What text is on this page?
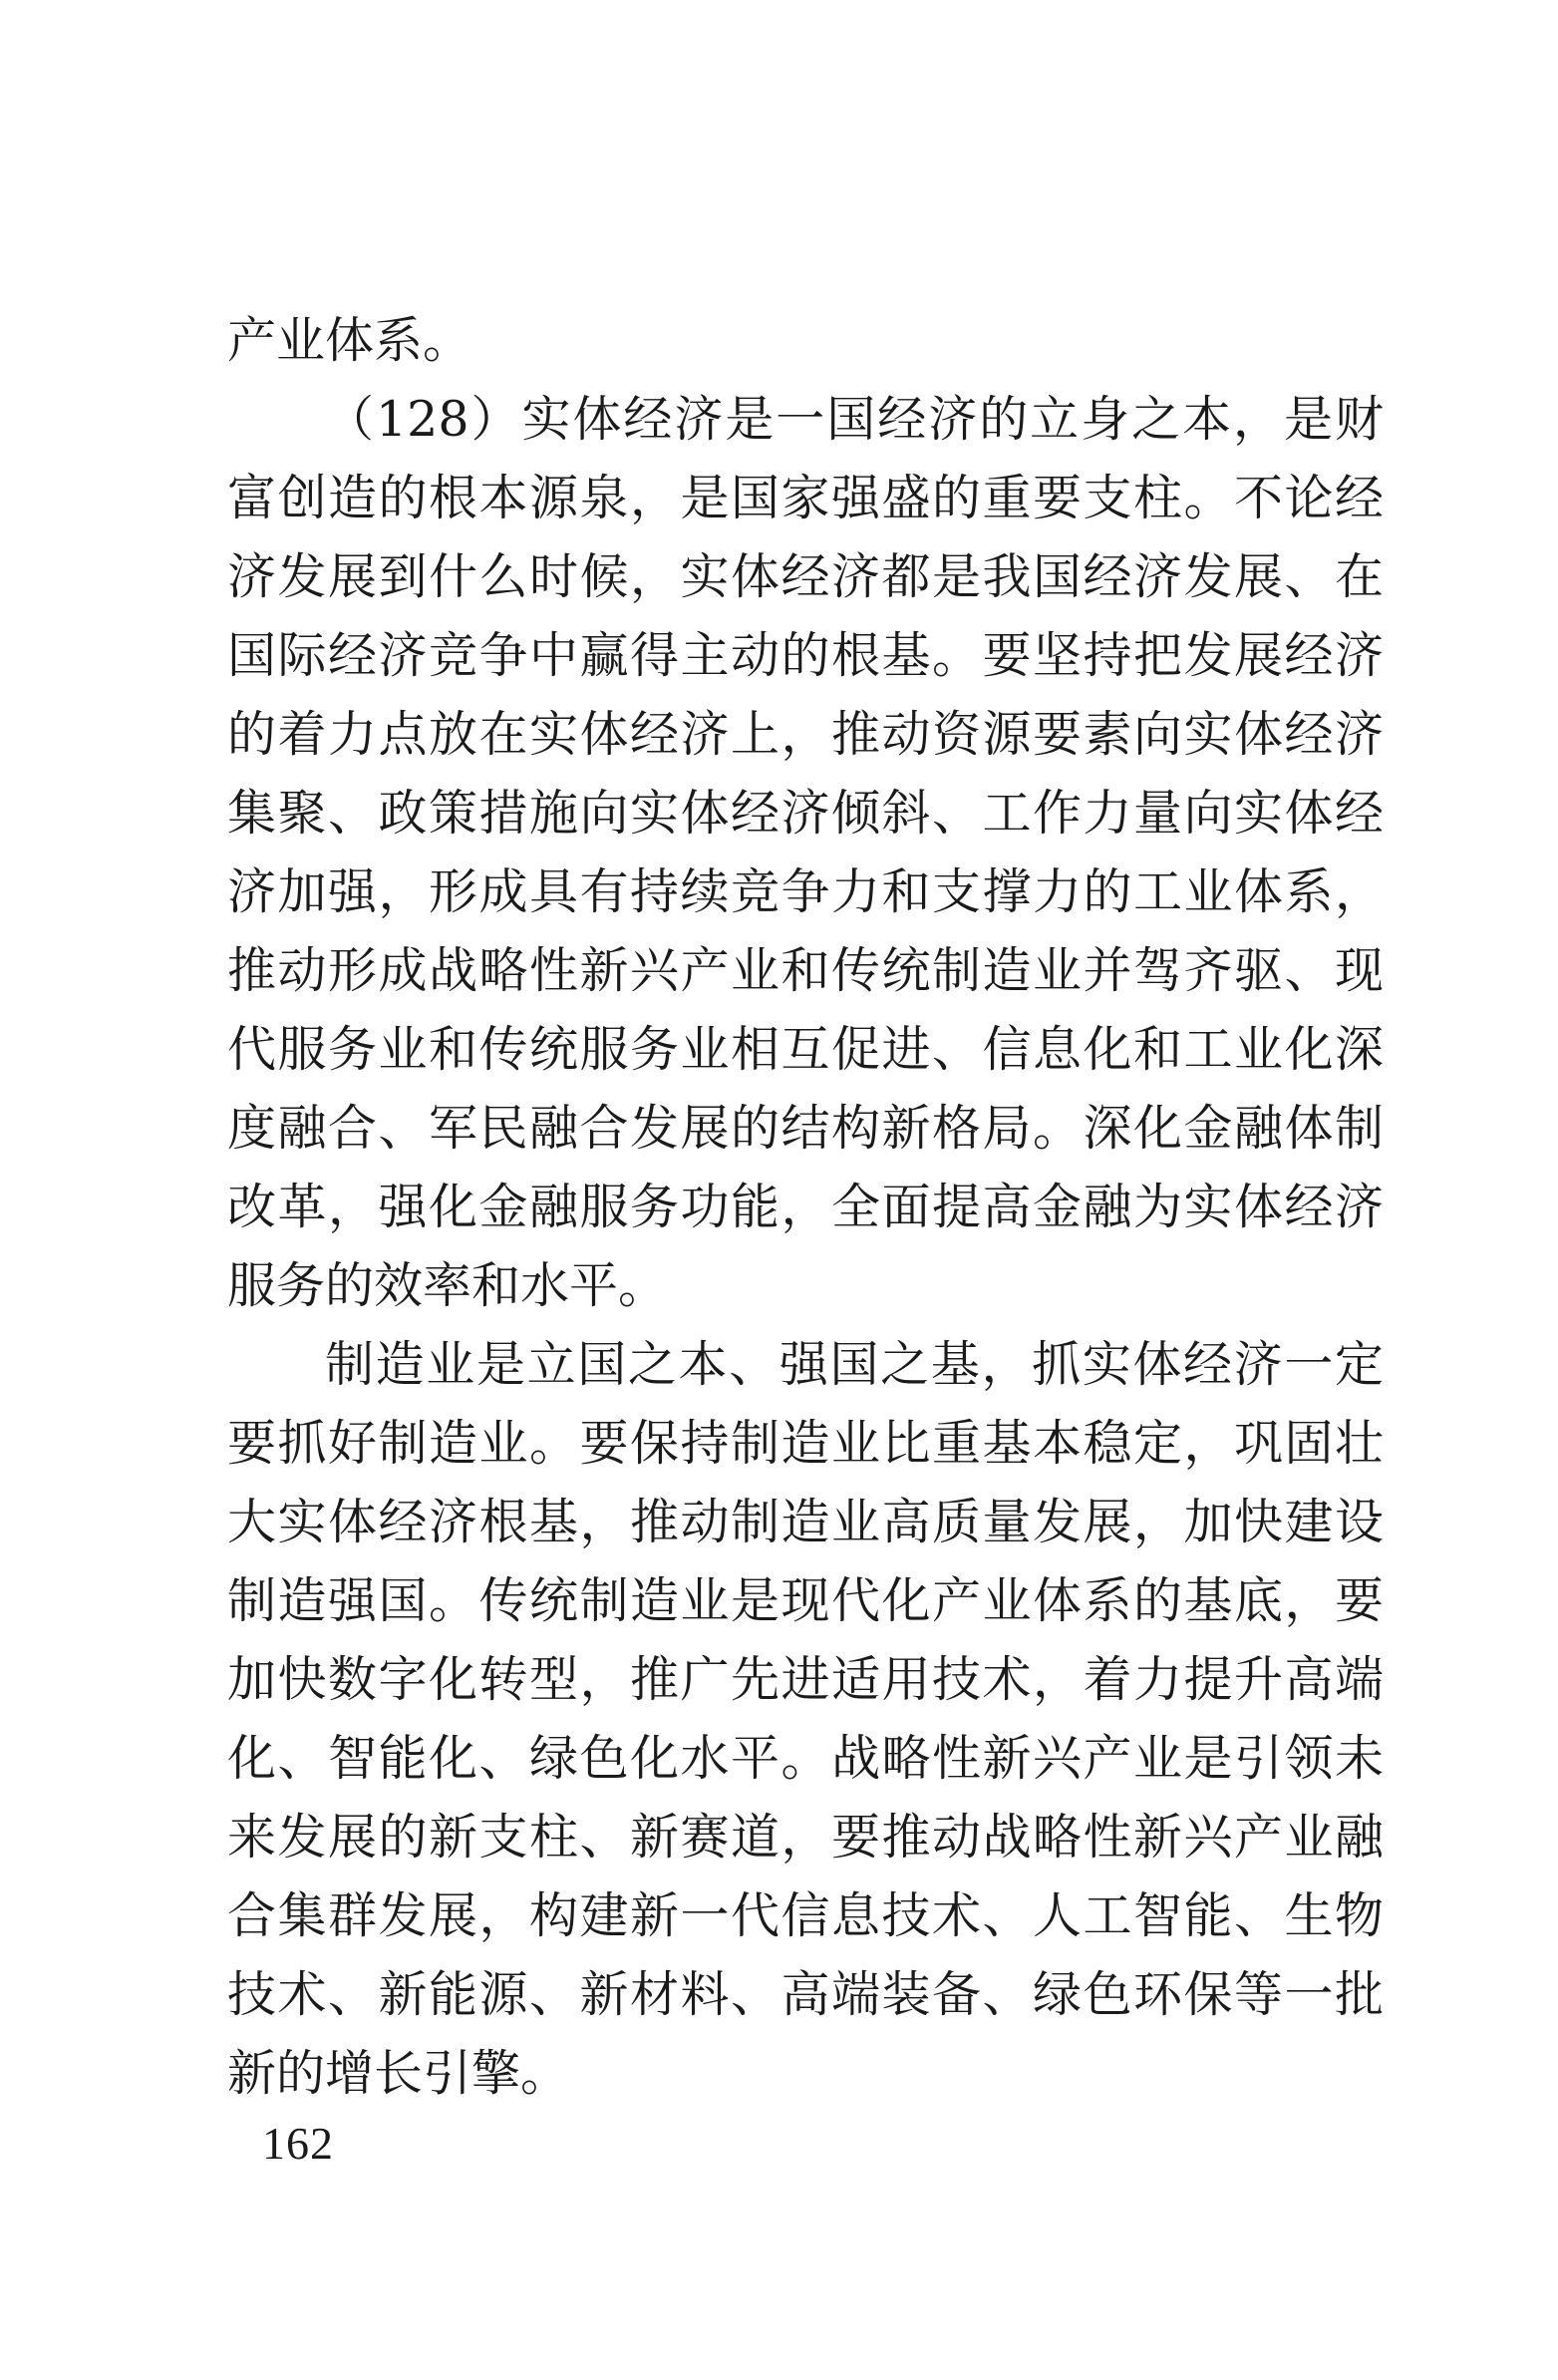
产业体系。
（128）实体经济是一国经济的立身之本，是财
富创造的根本源泉，是国家强盛的重要支柱。不论经
济发展到什么时候，实体经济都是我国经济发展、在
国际经济竞争中赢得主动的根基。要坚持把发展经济
的着力点放在实体经济上，推动资源要素向实体经济
集聚、政策措施向实体经济倾斜、工作力量向实体经
济加强，形成具有持续竞争力和支撑力的工业体系，
推动形成战略性新兴产业和传统制造业并驾齐驱、现
代服务业和传统服务业相互促进、信息化和工业化深
度融合、军民融合发展的结构新格局。深化金融体制
改革，强化金融服务功能，全面提高金融为实体经济
服务的效率和水平。
制造业是立国之本、强国之基，抓实体经济一定
要抓好制造业。要保持制造业比重基本稳定，巩固壮
大实体经济根基，推动制造业高质量发展，加快建设
制造强国。传统制造业是现代化产业体系的基底，要
加快数字化转型，推广先进适用技术，着力提升高端
化、智能化、绿色化水平。战略性新兴产业是引领未
来发展的新支柱、新赛道，要推动战略性新兴产业融
合集群发展，构建新一代信息技术、人工智能、生物
技术、新能源、新材料、高端装备、绿色环保等一批
新的增长引擎。
162
